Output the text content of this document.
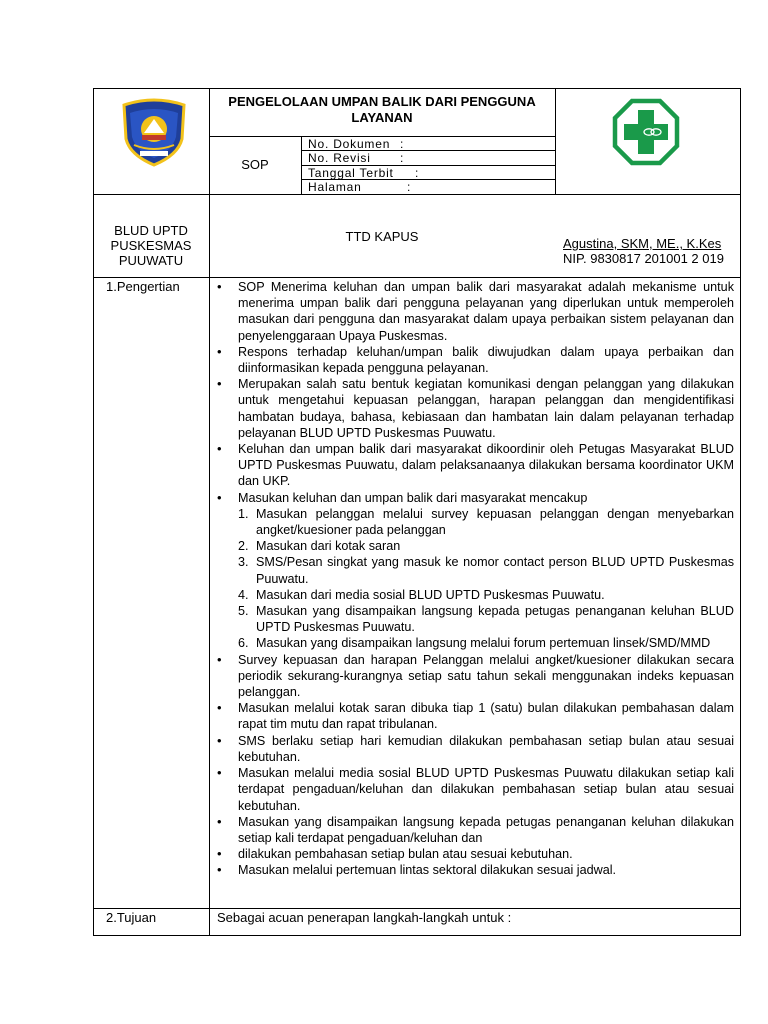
PENGELOLAAN UMPAN BALIK DARI PENGGUNA
LAYANAN
SOP
No. Dokumen :
No. Revisi :
Tanggal Terbit :
Halaman	:
BLUD UPTD
PUSKESMAS
PUUWATU
TTD KAPUS	Agustina, SKM, ME., K.Kes
NIP. 9830817 201001 2 019
1.Pengertian
2.Tujuan
• SOP Menerima keluhan dan umpan balik dari masyarakat adalah mekanisme untuk menerima umpan balik dari pengguna pelayanan yang diperlukan untuk memperoleh masukan dari pengguna dan masyarakat dalam upaya perbaikan sistem pelayanan dan penyelenggaraan Upaya Puskesmas.
• Respons terhadap keluhan/umpan balik diwujudkan dalam upaya perbaikan dan diinformasikan kepada pengguna pelayanan.
• Merupakan salah satu bentuk kegiatan komunikasi dengan pelanggan yang dilakukan untuk mengetahui kepuasan pelanggan, harapan pelanggan dan mengidentifikasi hambatan budaya, bahasa, kebiasaan dan hambatan lain dalam pelayanan terhadap pelayanan BLUD UPTD Puskesmas Puuwatu.
• Keluhan dan umpan balik dari masyarakat dikoordinir oleh Petugas Masyarakat BLUD UPTD Puskesmas Puuwatu, dalam pelaksanaanya dilakukan bersama koordinator UKM dan UKP.
• Masukan keluhan dan umpan balik dari masyarakat mencakup
1. Masukan pelanggan melalui survey kepuasan pelanggan dengan menyebarkan angket/kuesioner pada pelanggan
2. Masukan dari kotak saran
3. SMS/Pesan singkat yang masuk ke nomor contact person BLUD UPTD Puskesmas Puuwatu.
4. Masukan dari media sosial BLUD UPTD Puskesmas Puuwatu.
5. Masukan yang disampaikan langsung kepada petugas penanganan keluhan BLUD UPTD Puskesmas Puuwatu.
6. Masukan yang disampaikan langsung melalui forum pertemuan linsek/SMD/MMD
• Survey kepuasan dan harapan Pelanggan melalui angket/kuesioner dilakukan secara periodik sekurang-kurangnya setiap satu tahun sekali menggunakan indeks kepuasan pelanggan.
• Masukan melalui kotak saran dibuka tiap 1 (satu) bulan dilakukan pembahasan dalam rapat tim mutu dan rapat tribulanan.
• SMS berlaku setiap hari kemudian dilakukan pembahasan setiap bulan atau sesuai kebutuhan.
• Masukan melalui media sosial BLUD UPTD Puskesmas Puuwatu dilakukan setiap kali terdapat pengaduan/keluhan dan dilakukan pembahasan setiap bulan atau sesuai kebutuhan.
• Masukan yang disampaikan langsung kepada petugas penanganan keluhan dilakukan setiap kali terdapat pengaduan/keluhan dan
• dilakukan pembahasan setiap bulan atau sesuai kebutuhan.
• Masukan melalui pertemuan lintas sektoral dilakukan sesuai jadwal.
Sebagai acuan penerapan langkah-langkah untuk :
